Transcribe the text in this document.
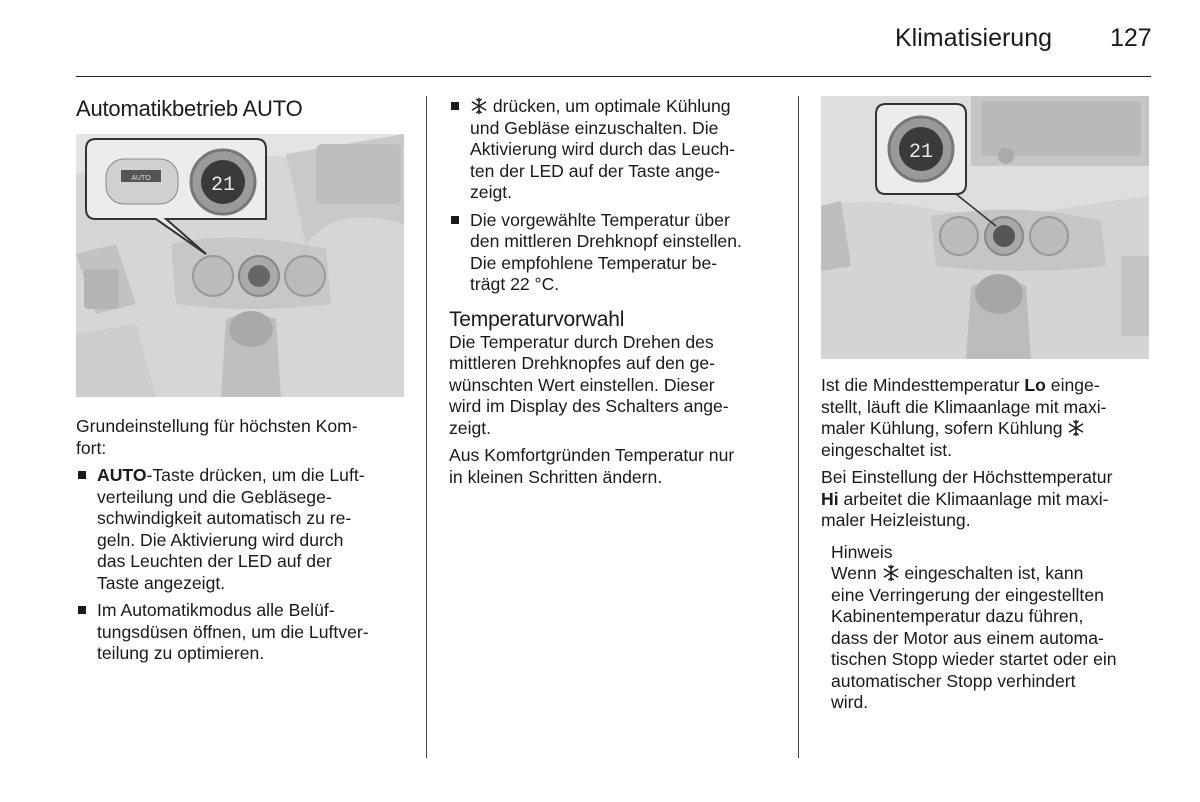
Klimatisierung 127
Automatikbetrieb AUTO
AUTO	21

Grundeinstellung für höchsten Kom-
fort:

AUTO-Taste drücken, um die Luft-
verteilung und die Gebläsege-
schwindigkeit automatisch zu re-
geln. Die Aktivierung wird durch
das Leuchten der LED auf der
Taste angezeigt.
Im Automatikmodus alle Belüf-
tungsdüsen öffnen, um die Luftver-
teilung zu optimieren.
drücken, um optimale Kühlung
und Gebläse einzuschalten. Die
Aktivierung wird durch das Leuch-
ten der LED auf der Taste ange-
zeigt.
Die vorgewählte Temperatur über
den mittleren Drehknopf einstellen.
Die empfohlene Temperatur be-
trägt 22 °C.
Temperaturvorwahl

Die Temperatur durch Drehen des
mittleren Drehknopfes auf den ge-
wünschten Wert einstellen. Dieser
wird im Display des Schalters ange-
zeigt.

Aus Komfortgründen Temperatur nur
in kleinen Schritten ändern.

21

Ist die Mindesttemperatur Lo einge-
stellt, läuft die Klimaanlage mit maxi-
maler Kühlung, sofern Kühlung
eingeschaltet ist.

Bei Einstellung der Höchsttemperatur
Hi arbeitet die Klimaanlage mit maxi-
maler Heizleistung.

Hinweis
Wenn  eingeschalten ist, kann
eine Verringerung der eingestellten
Kabinentemperatur dazu führen,
dass der Motor aus einem automa-
tischen Stopp wieder startet oder ein
automatischer Stopp verhindert
wird.
